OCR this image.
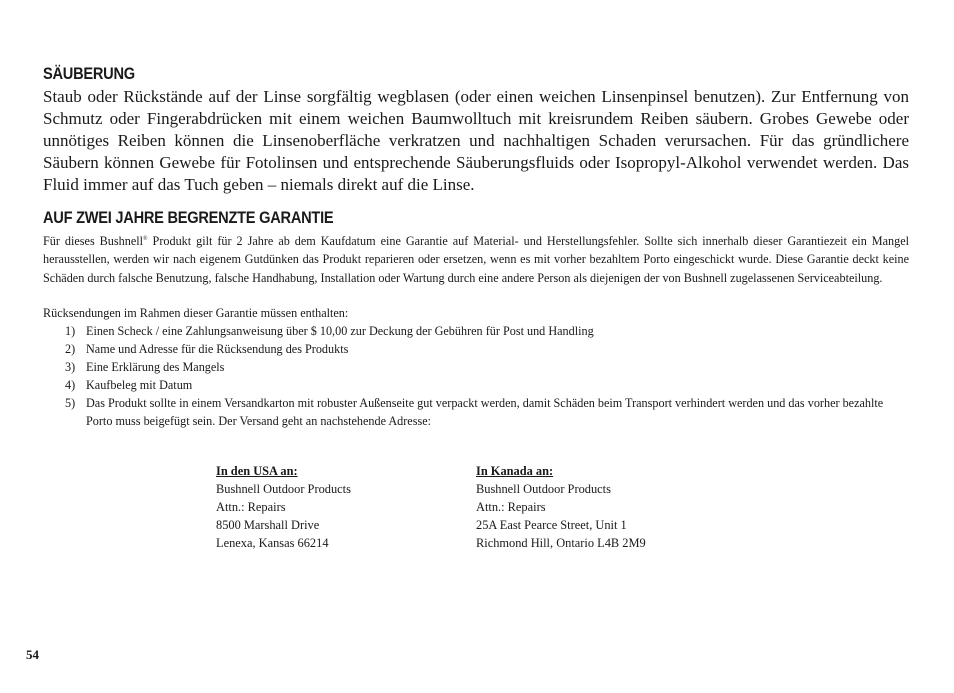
SÄUBERUNG

Staub oder Rückstände auf der Linse sorgfältig wegblasen (oder einen weichen Linsenpinsel benutzen). Zur Entfernung von Schmutz oder Fingerabdrücken mit einem weichen Baumwolltuch mit kreisrundem Reiben säubern. Grobes Gewebe oder unnötiges Reiben können die Linsenoberfläche verkratzen und nachhaltigen Schaden verursachen. Für das gründlichere Säubern können Gewebe für Fotolinsen und entsprechende Säuberungsfluids oder Isopropyl-Alkohol verwendet werden. Das Fluid immer auf das Tuch geben – niemals direkt auf die Linse.

AUF ZWEI JAHRE BEGRENZTE GARANTIE

Für dieses Bushnell® Produkt gilt für 2 Jahre ab dem Kaufdatum eine Garantie auf Material- und Herstellungsfehler. Sollte sich innerhalb dieser Garantiezeit ein Mangel herausstellen, werden wir nach eigenem Gutdünken das Produkt reparieren oder ersetzen, wenn es mit vorher bezahltem Porto eingeschickt wurde. Diese Garantie deckt keine Schäden durch falsche Benutzung, falsche Handhabung, Installation oder Wartung durch eine andere Person als diejenigen der von Bushnell zugelassenen Serviceabteilung.

Rücksendungen im Rahmen dieser Garantie müssen enthalten:

1) Einen Scheck / eine Zahlungsanweisung über $ 10,00 zur Deckung der Gebühren für Post und Handling
2) Name und Adresse für die Rücksendung des Produkts
3) Eine Erklärung des Mangels
4) Kaufbeleg mit Datum
5) Das Produkt sollte in einem Versandkarton mit robuster Außenseite gut verpackt werden, damit Schäden beim Transport verhindert werden und das vorher bezahlte Porto muss beigefügt sein. Der Versand geht an nachstehende Adresse:
In den USA an:
Bushnell Outdoor Products
Attn.: Repairs
8500 Marshall Drive
Lenexa, Kansas 66214
In Kanada an:
Bushnell Outdoor Products
Attn.: Repairs
25A East Pearce Street, Unit 1
Richmond Hill, Ontario L4B 2M9
54
